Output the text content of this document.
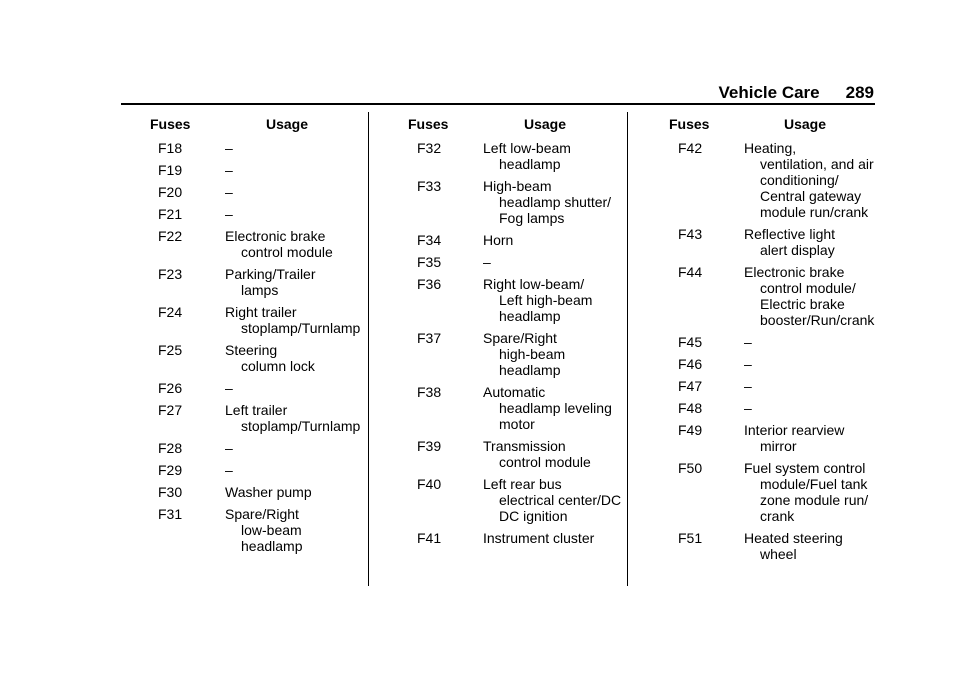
Vehicle Care 289
Fuses	Usage
F18	–
F19	–
F20	–
F21	–
F22	Electronic brake
control module
F23	Parking/Trailer
lamps
F24	Right trailer
stoplamp/Turnlamp
F25	Steering
column lock
F26	–
F27	Left trailer
stoplamp/Turnlamp
F28	–
F29	–
F30	Washer pump
F31	Spare/Right
low-beam
headlamp
Fuses	Usage
F32	Left low-beam
headlamp
F33	High-beam
headlamp shutter/
Fog lamps
F34	Horn
F35	–
F36	Right low-beam/
Left high-beam
headlamp
F37	Spare/Right
high-beam
headlamp
F38	Automatic
headlamp leveling
motor
F39	Transmission
control module
F40	Left rear bus
electrical center/DC
DC ignition
F41	Instrument cluster
Fuses	Usage
F42	Heating,
ventilation, and air
conditioning/
Central gateway
module run/crank
F43	Reflective light
alert display
F44	Electronic brake
control module/
Electric brake
booster/Run/crank
F45	–
F46	–
F47	–
F48	–
F49	Interior rearview
mirror
F50	Fuel system control
module/Fuel tank
zone module run/
crank
F51	Heated steering
wheel
